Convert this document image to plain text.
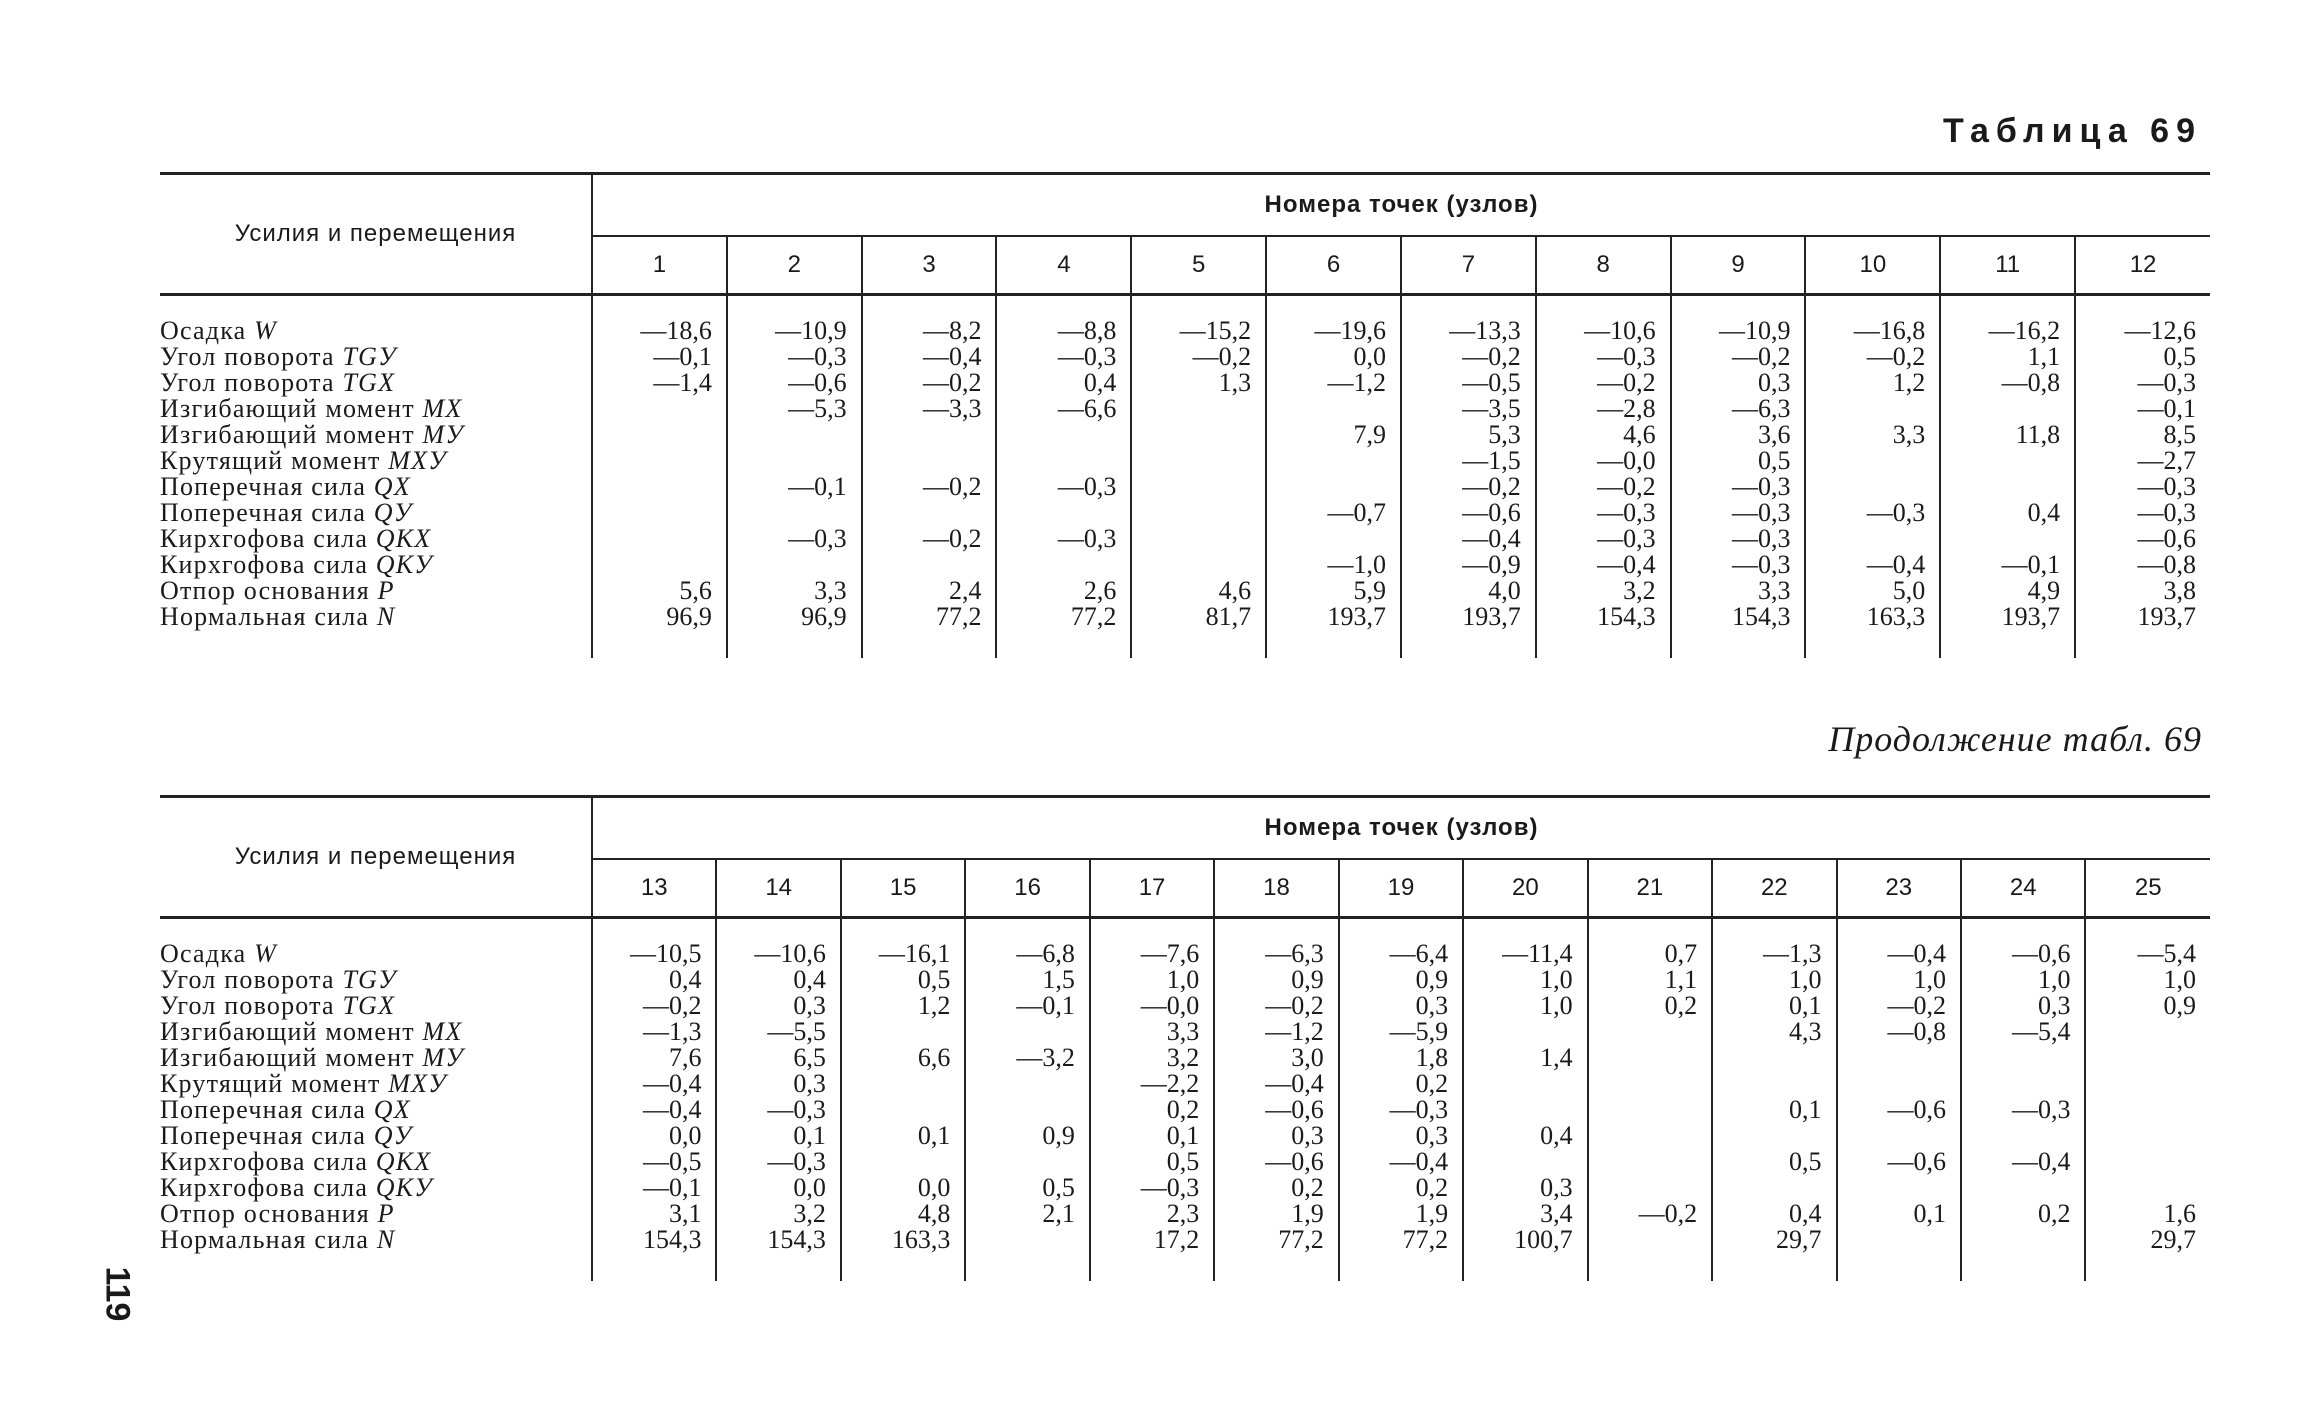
Таблица 69
Усилия и перемещения	Номера точек (узлов)											
	1	2	3	4	5	6	7	8	9	10	11	12
Осадка W	—18,6	—10,9	—8,2	—8,8	—15,2	—19,6	—13,3	—10,6	—10,9	—16,8	—16,2	—12,6
Угол поворота TGУ	—0,1	—0,3	—0,4	—0,3	—0,2	0,0	—0,2	—0,3	—0,2	—0,2	1,1	0,5
Угол поворота TGX	—1,4	—0,6	—0,2	0,4	1,3	—1,2	—0,5	—0,2	0,3	1,2	—0,8	—0,3
Изгибающий момент MX		—5,3	—3,3	—6,6			—3,5	—2,8	—6,3			—0,1
Изгибающий момент MУ						7,9	5,3	4,6	3,6	3,3	11,8	8,5
Крутящий момент MXУ							—1,5	—0,0	0,5			—2,7
Поперечная сила QX		—0,1	—0,2	—0,3			—0,2	—0,2	—0,3			—0,3
Поперечная сила QУ						—0,7	—0,6	—0,3	—0,3	—0,3	0,4	—0,3
Кирхгофова сила QKX		—0,3	—0,2	—0,3			—0,4	—0,3	—0,3			—0,6
Кирхгофова сила QKУ						—1,0	—0,9	—0,4	—0,3	—0,4	—0,1	—0,8
Отпор основания P	5,6	3,3	2,4	2,6	4,6	5,9	4,0	3,2	3,3	5,0	4,9	3,8
Нормальная сила N	96,9	96,9	77,2	77,2	81,7	193,7	193,7	154,3	154,3	163,3	193,7	193,7
Продолжение табл. 69
Усилия и перемещения	Номера точек (узлов)												
	13	14	15	16	17	18	19	20	21	22	23	24	25
Осадка W	—10,5	—10,6	—16,1	—6,8	—7,6	—6,3	—6,4	—11,4	0,7	—1,3	—0,4	—0,6	—5,4
Угол поворота TGУ	0,4	0,4	0,5	1,5	1,0	0,9	0,9	1,0	1,1	1,0	1,0	1,0	1,0
Угол поворота TGX	—0,2	0,3	1,2	—0,1	—0,0	—0,2	0,3	1,0	0,2	0,1	—0,2	0,3	0,9
Изгибающий момент MX	—1,3	—5,5			3,3	—1,2	—5,9			4,3	—0,8	—5,4	
Изгибающий момент MУ	7,6	6,5	6,6	—3,2	3,2	3,0	1,8	1,4					
Крутящий момент MXУ	—0,4	0,3			—2,2	—0,4	0,2						
Поперечная сила QX	—0,4	—0,3			0,2	—0,6	—0,3			0,1	—0,6	—0,3	
Поперечная сила QУ	0,0	0,1	0,1	0,9	0,1	0,3	0,3	0,4					
Кирхгофова сила QKX	—0,5	—0,3			0,5	—0,6	—0,4			0,5	—0,6	—0,4	
Кирхгофова сила QKУ	—0,1	0,0	0,0	0,5	—0,3	0,2	0,2	0,3					
Отпор основания P	3,1	3,2	4,8	2,1	2,3	1,9	1,9	3,4	—0,2	0,4	0,1	0,2	1,6
Нормальная сила N	154,3	154,3	163,3		17,2	77,2	77,2	100,7		29,7			29,7
119
